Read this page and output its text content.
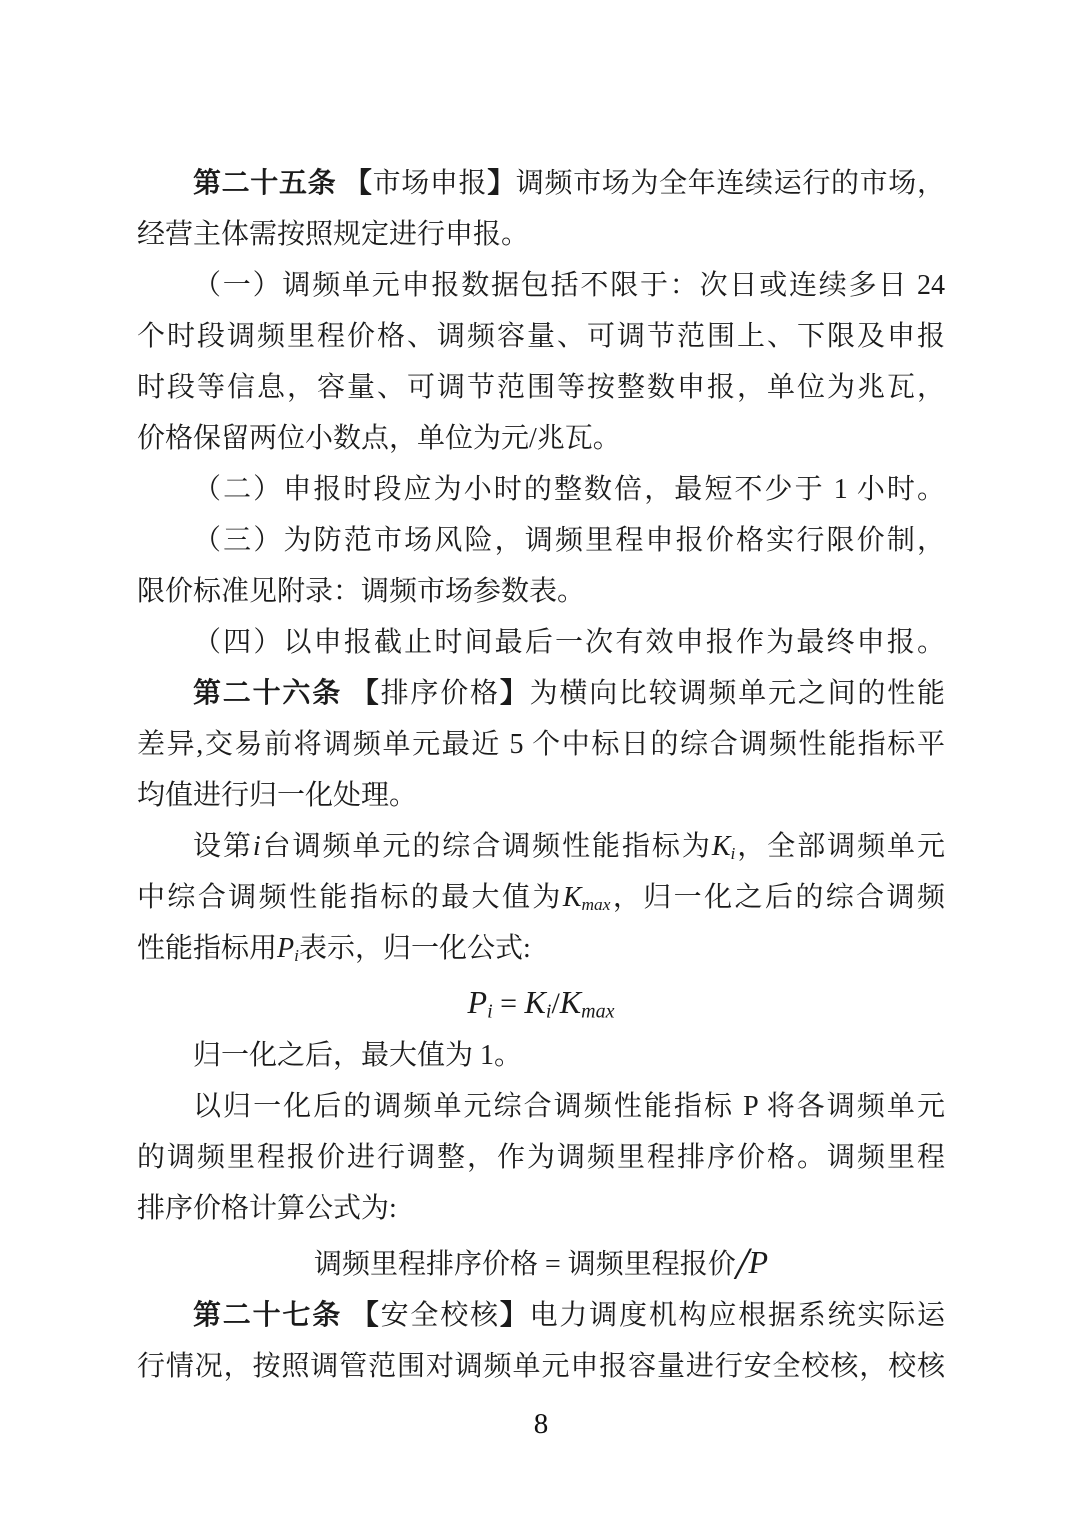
第二十五条 【市场申报】调频市场为全年连续运行的市场，
经营主体需按照规定进行申报。
（一）调频单元申报数据包括不限于：次日或连续多日 24
个时段调频里程价格、调频容量、可调节范围上、下限及申报
时段等信息，容量、可调节范围等按整数申报，单位为兆瓦，
价格保留两位小数点，单位为元/兆瓦。
（二）申报时段应为小时的整数倍，最短不少于 1 小时。
（三）为防范市场风险，调频里程申报价格实行限价制，
限价标准见附录：调频市场参数表。
（四）以申报截止时间最后一次有效申报作为最终申报。
第二十六条 【排序价格】为横向比较调频单元之间的性能
差异,交易前将调频单元最近 5 个中标日的综合调频性能指标平
均值进行归一化处理。
设第i台调频单元的综合调频性能指标为Ki，全部调频单元
中综合调频性能指标的最大值为Kmax，归一化之后的综合调频
性能指标用Pi表示，归一化公式:
Pi = Ki/Kmax
归一化之后，最大值为 1。
以归一化后的调频单元综合调频性能指标 P 将各调频单元
的调频里程报价进行调整，作为调频里程排序价格。调频里程
排序价格计算公式为:
调频里程排序价格 = 调频里程报价/P
第二十七条 【安全校核】电力调度机构应根据系统实际运
行情况，按照调管范围对调频单元申报容量进行安全校核，校核
8
